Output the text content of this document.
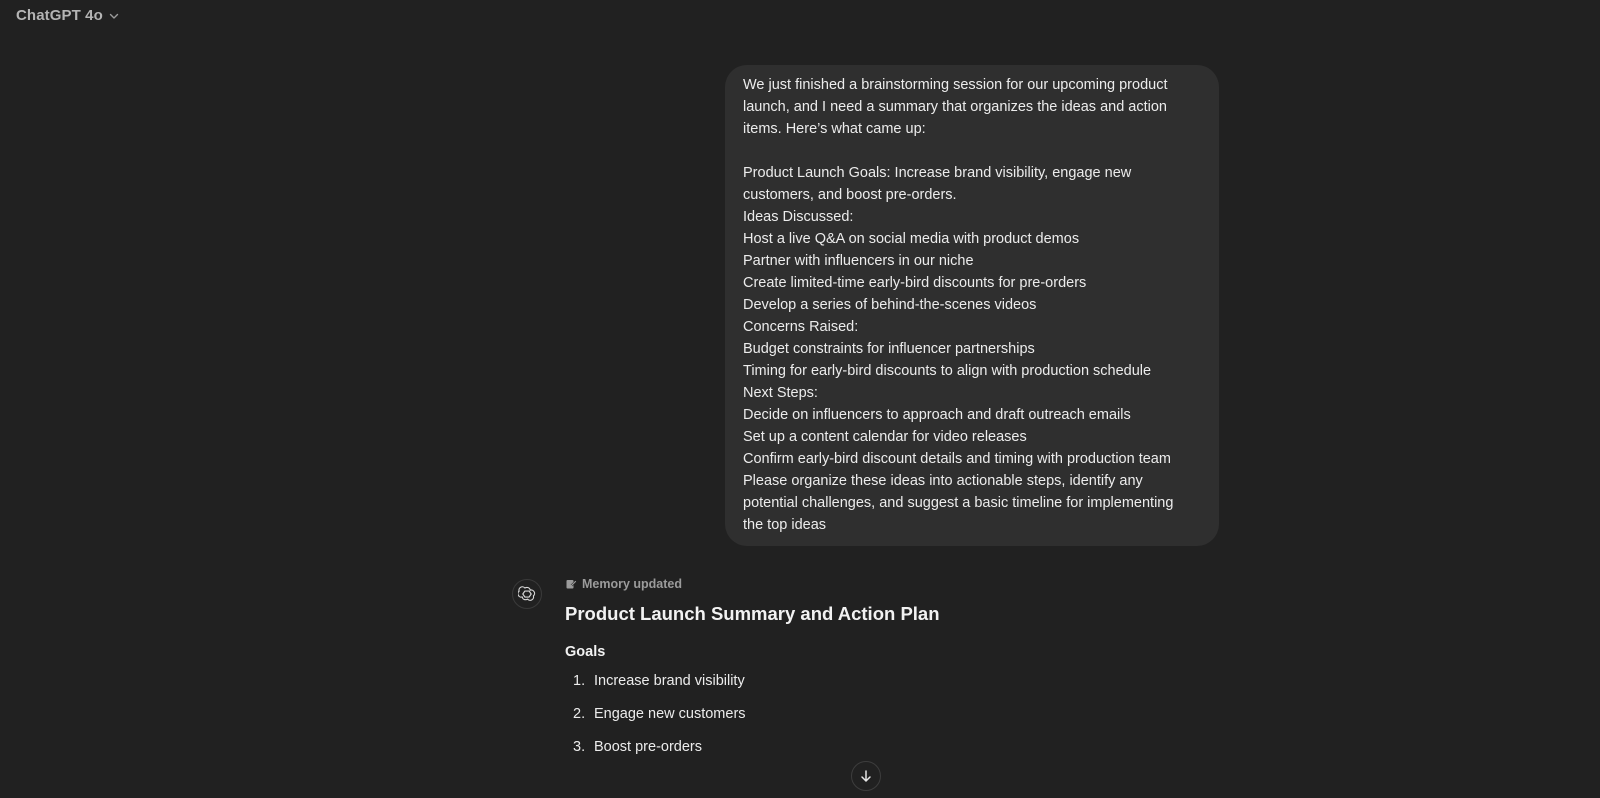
ChatGPT 4o
We just finished a brainstorming session for our upcoming product
launch, and I need a summary that organizes the ideas and action
items. Here’s what came up:
Product Launch Goals: Increase brand visibility, engage new
customers, and boost pre-orders.
Ideas Discussed:
Host a live Q&A on social media with product demos
Partner with influencers in our niche
Create limited-time early-bird discounts for pre-orders
Develop a series of behind-the-scenes videos
Concerns Raised:
Budget constraints for influencer partnerships
Timing for early-bird discounts to align with production schedule
Next Steps:
Decide on influencers to approach and draft outreach emails
Set up a content calendar for video releases
Confirm early-bird discount details and timing with production team
Please organize these ideas into actionable steps, identify any
potential challenges, and suggest a basic timeline for implementing
the top ideas
Memory updated
Product Launch Summary and Action Plan
Goals
1. Increase brand visibility
2. Engage new customers
3. Boost pre-orders
